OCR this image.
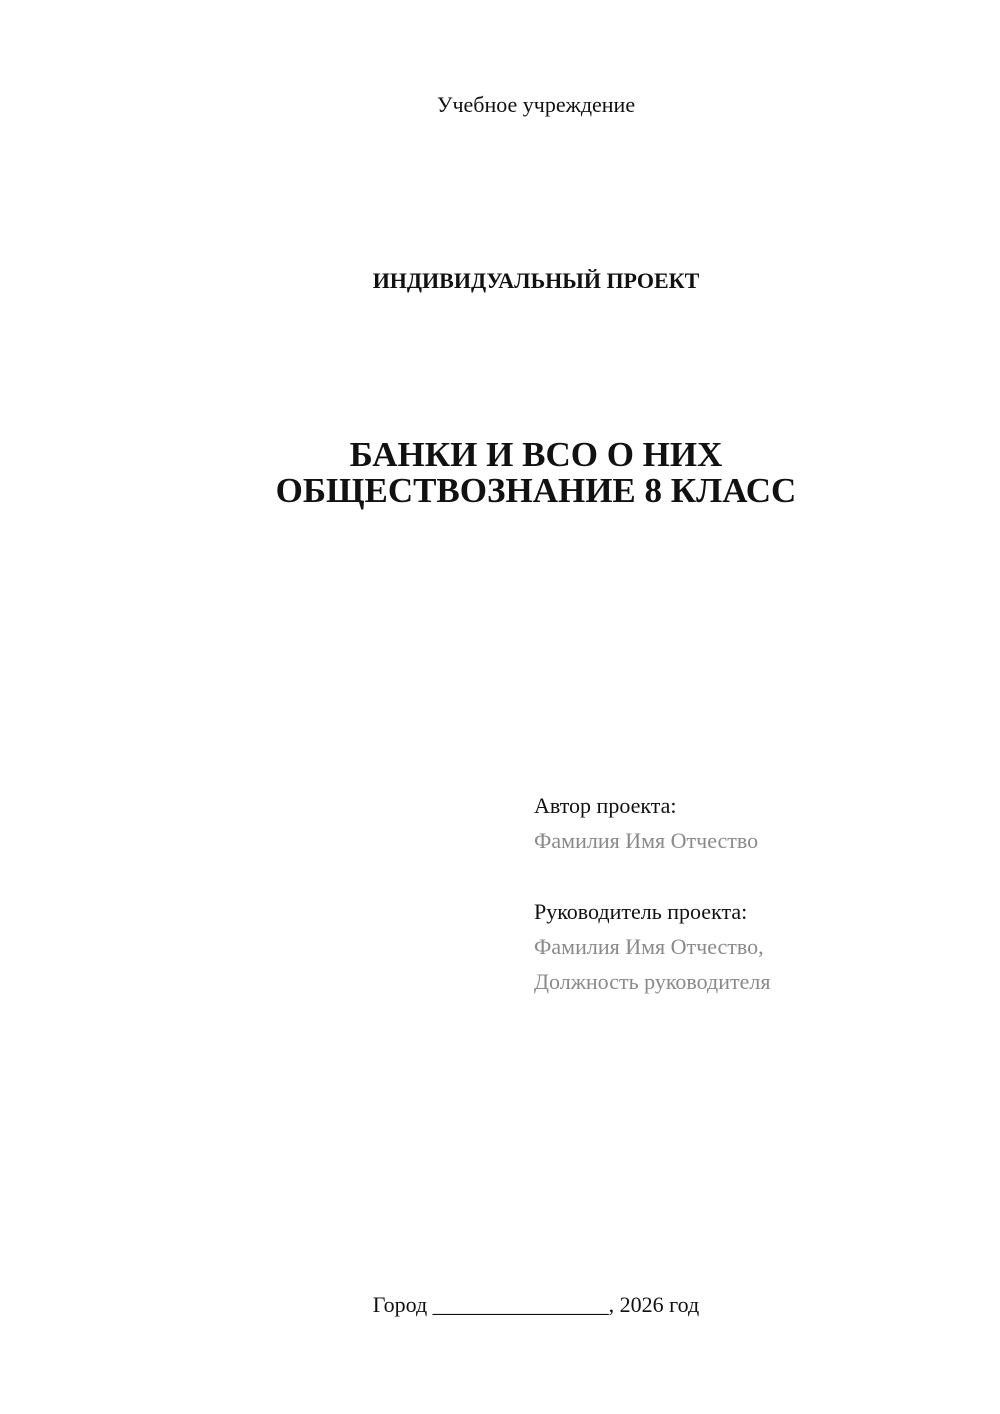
Учебное учреждение
ИНДИВИДУАЛЬНЫЙ ПРОЕКТ
БАНКИ И ВСО О НИХ
ОБЩЕСТВОЗНАНИЕ 8 КЛАСС
Автор проекта:
Фамилия Имя Отчество
Руководитель проекта:
Фамилия Имя Отчество,
Должность руководителя
Город ________________, 2026 год
